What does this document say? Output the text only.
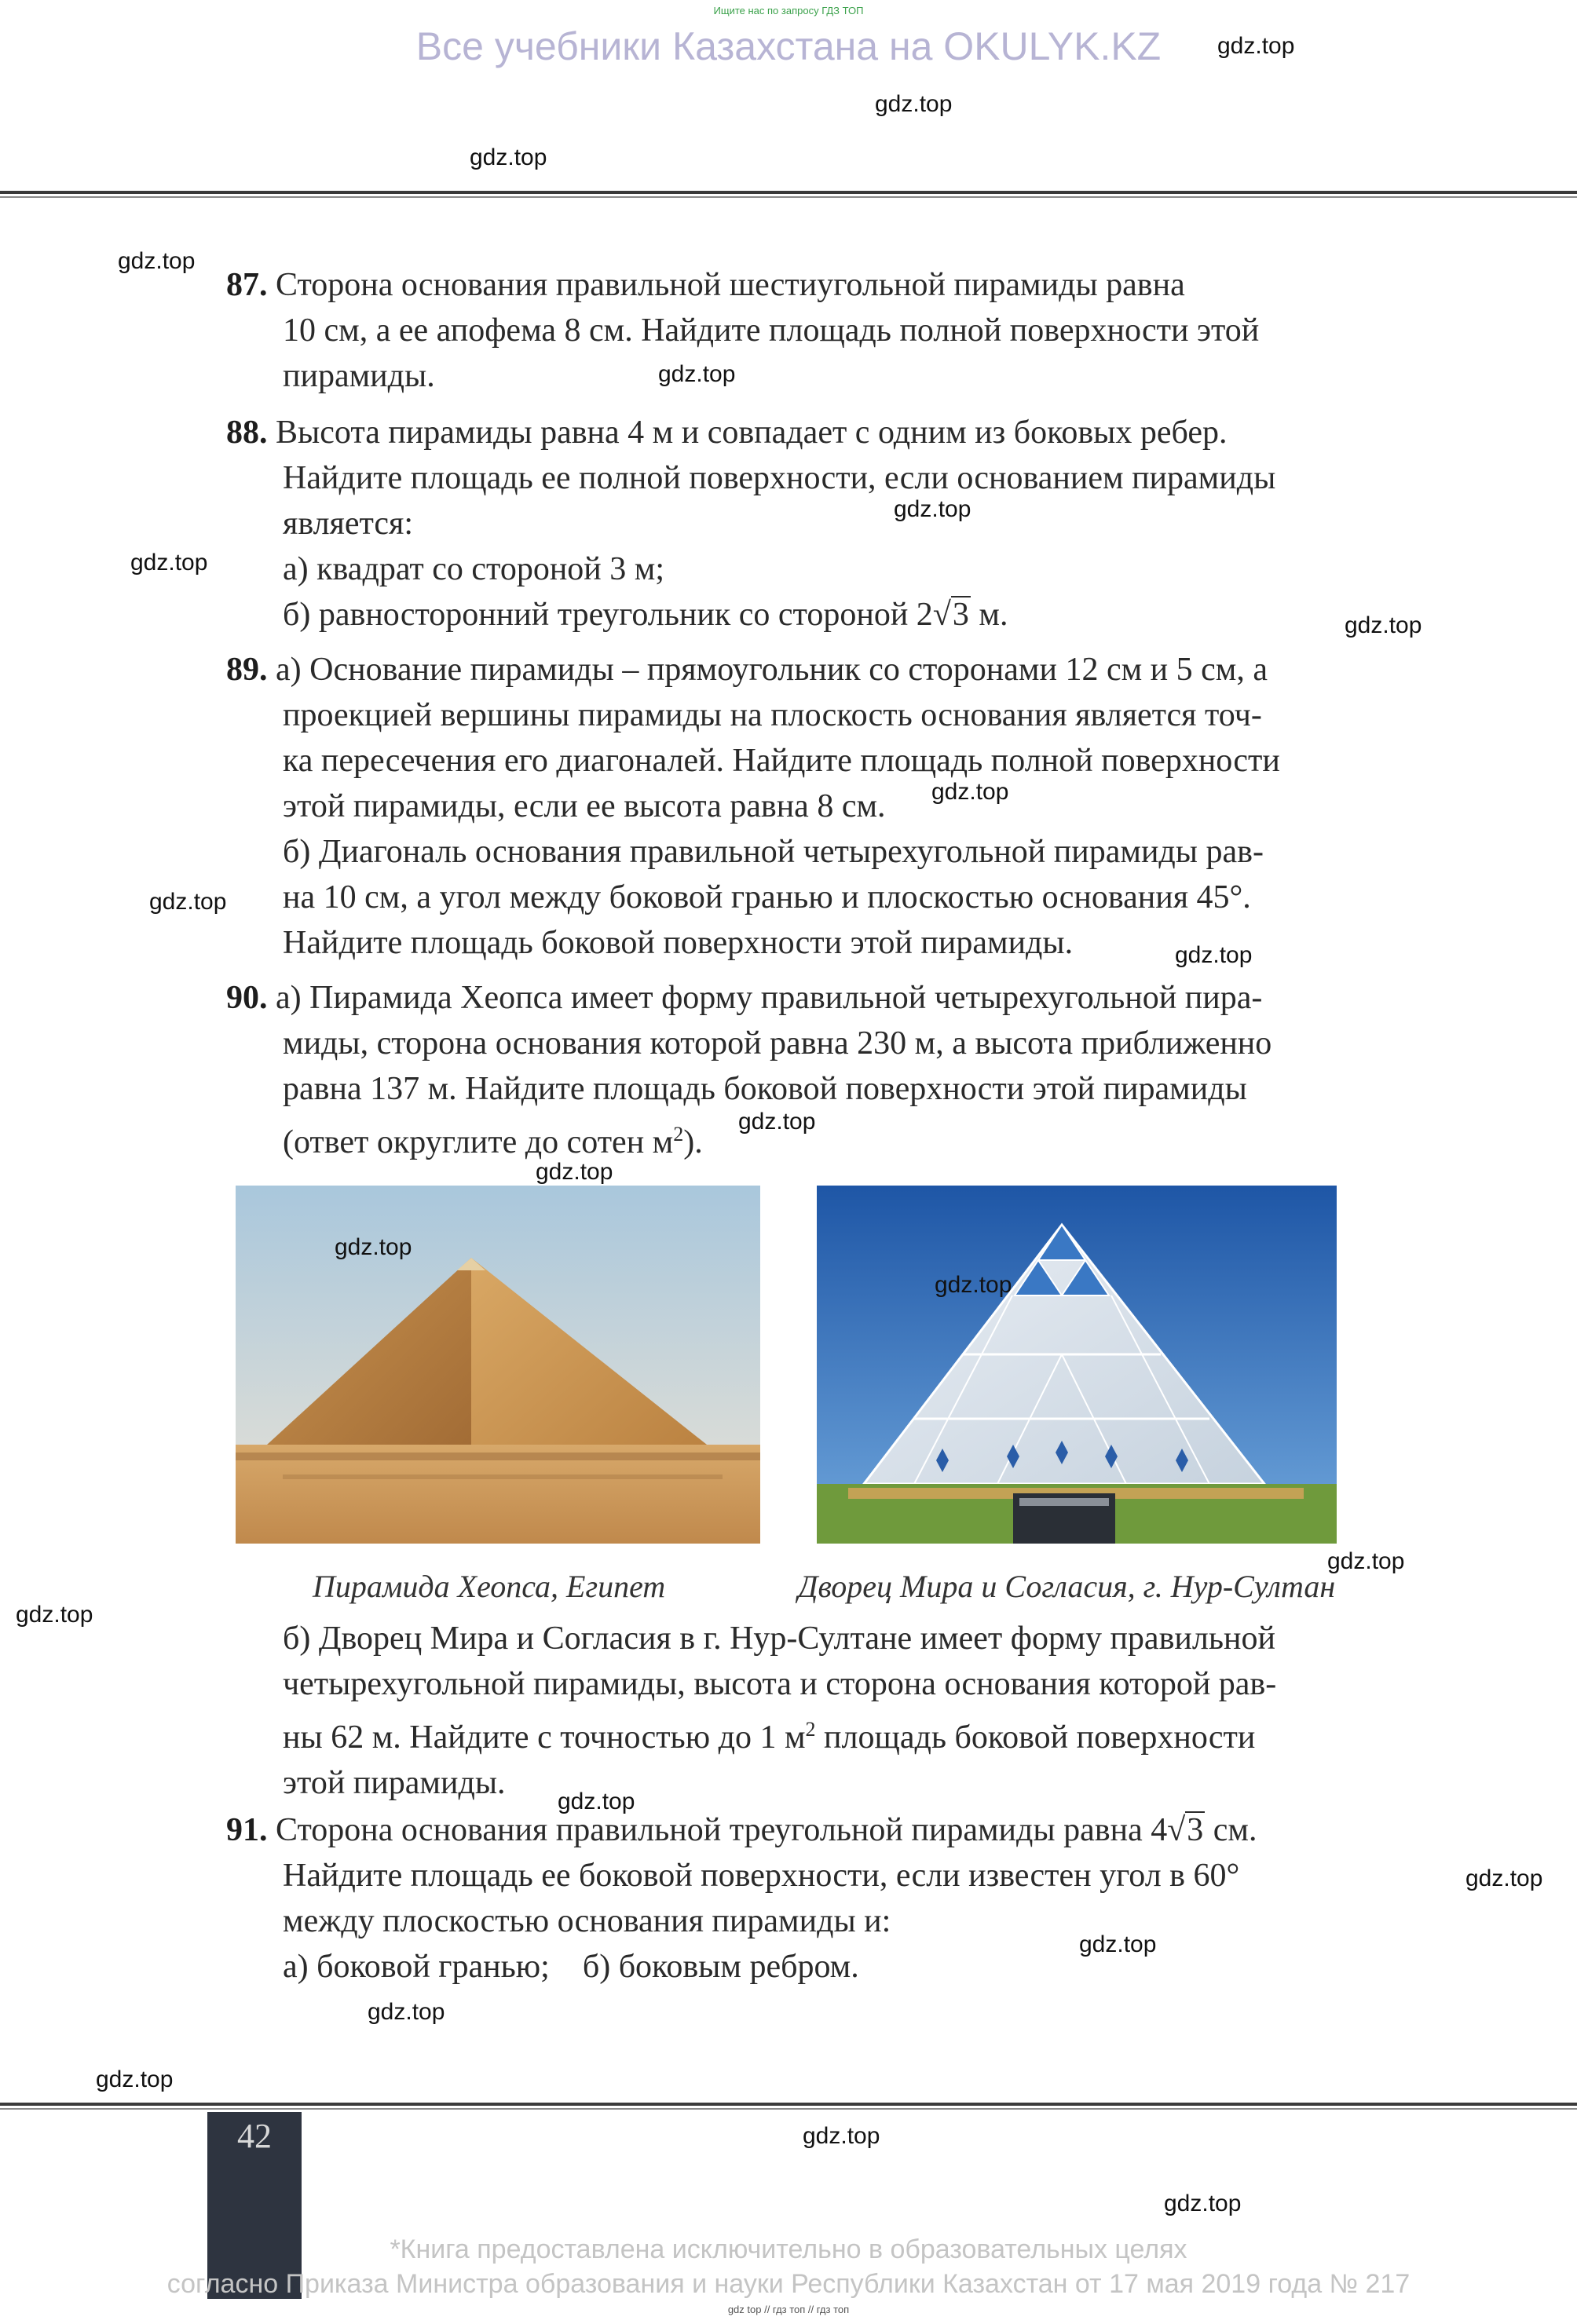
Ищите нас по запросу ГДЗ ТОП
Все учебники Казахстана на OKULYK.KZ
87. Сторона основания правильной шестиугольной пирамиды равна
10 см, а ее апофема 8 см. Найдите площадь полной поверхности этой
пирамиды.
88. Высота пирамиды равна 4 м и совпадает с одним из боковых ребер.
Найдите площадь ее полной поверхности, если основанием пирамиды
является:
а) квадрат со стороной 3 м;
б) равносторонний треугольник со стороной 2√3 м.
89. а) Основание пирамиды – прямоугольник со сторонами 12 см и 5 см, а
проекцией вершины пирамиды на плоскость основания является точ-
ка пересечения его диагоналей. Найдите площадь полной поверхности
этой пирамиды, если ее высота равна 8 см.
б) Диагональ основания правильной четырехугольной пирамиды рав-
на 10 см, а угол между боковой гранью и плоскостью основания 45°.
Найдите площадь боковой поверхности этой пирамиды.
90. а) Пирамида Хеопса имеет форму правильной четырехугольной пира-
миды, сторона основания которой равна 230 м, а высота приближенно
равна 137 м. Найдите площадь боковой поверхности этой пирамиды
(ответ округлите до сотен $м^2$).
Пирамида Хеопса, Египет	Дворец Мира и Согласия, г. Нур-Султан
б) Дворец Мира и Согласия в г. Нур-Султане имеет форму правильной
четырехугольной пирамиды, высота и сторона основания которой рав-
ны 62 м. Найдите с точностью до 1 $м^2$ площадь боковой поверхности
этой пирамиды.
91. Сторона основания правильной треугольной пирамиды равна 4√3 см.
Найдите площадь ее боковой поверхности, если известен угол в 60°
между плоскостью основания пирамиды и:
а) боковой гранью;    б) боковым ребром.
42
*Книга предоставлена исключительно в образовательных целях
согласно Приказа Министра образования и науки Республики Казахстан от 17 мая 2019 года № 217
gdz top // гдз топ // гдз топ
gdz.top
gdz.top
gdz.top
gdz.top
gdz.top
gdz.top
gdz.top
gdz.top
gdz.top
gdz.top
gdz.top
gdz.top
gdz.top
gdz.top
gdz.top
gdz.top
gdz.top
gdz.top
gdz.top
gdz.top
gdz.top
gdz.top
gdz.top
gdz.top
